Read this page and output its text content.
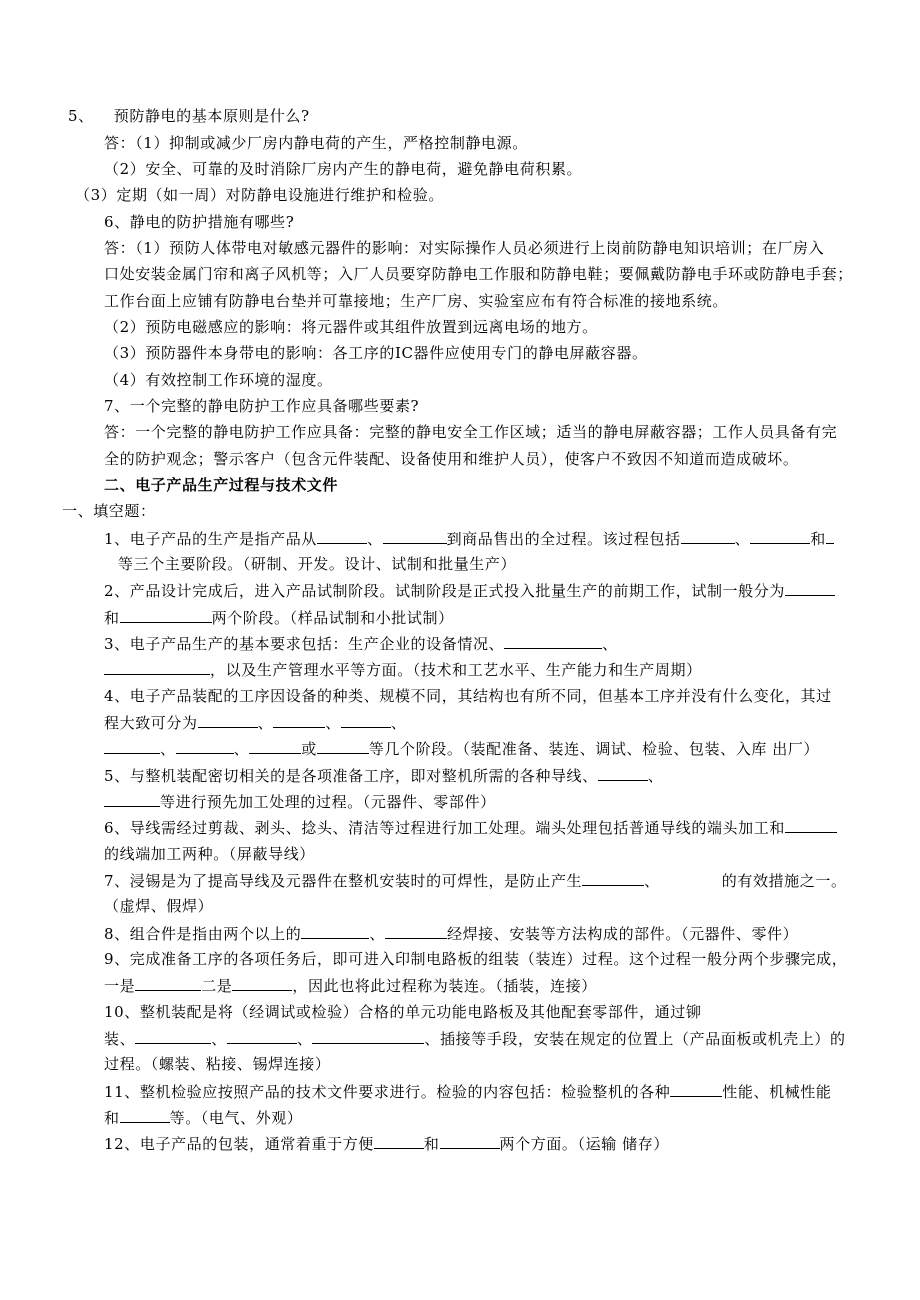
5、 预防静电的基本原则是什么?
答：（1）抑制或减少厂房内静电荷的产生，严格控制静电源。
（2）安全、可靠的及时消除厂房内产生的静电荷，避免静电荷积累。
（3）定期（如一周）对防静电设施进行维护和检验。
6、静电的防护措施有哪些?
答：（1）预防人体带电对敏感元器件的影响：对实际操作人员必须进行上岗前防静电知识培训；在厂房入
口处安装金属门帘和离子风机等；入厂人员要穿防静电工作服和防静电鞋；要佩戴防静电手环或防静电手套；
工作台面上应铺有防静电台垫并可靠接地；生产厂房、实验室应布有符合标准的接地系统。
（2）预防电磁感应的影响：将元器件或其组件放置到远离电场的地方。
（3）预防器件本身带电的影响：各工序的IC器件应使用专门的静电屏蔽容器。
（4）有效控制工作环境的湿度。
7、一个完整的静电防护工作应具备哪些要素?
答：一个完整的静电防护工作应具备：完整的静电安全工作区域；适当的静电屏蔽容器；工作人员具备有完
全的防护观念；警示客户（包含元件装配、设备使用和维护人员），使客户不致因不知道而造成破坏。
二、电子产品生产过程与技术文件
一、填空题：
1、电子产品的生产是指产品从	、	到商品售出的全过程。该过程包括	、	和
等三个主要阶段。（研制、开发。设计、试制和批量生产）
2、产品设计完成后，进入产品试制阶段。试制阶段是正式投入批量生产的前期工作，试制一般分为
和	两个阶段。（样品试制和小批试制）
3、电子产品生产的基本要求包括：生产企业的设备情况、	、
，以及生产管理水平等方面。（技术和工艺水平、生产能力和生产周期）
4、电子产品装配的工序因设备的种类、规模不同，其结构也有所不同，但基本工序并没有什么变化，其过
程大致可分为	、	、	、
、	、	或	等几个阶段。（装配准备、装连、调试、检验、包装、入库 出厂）
5、与整机装配密切相关的是各项准备工序，即对整机所需的各种导线、	、
等进行预先加工处理的过程。（元器件、零部件）
6、导线需经过剪裁、剥头、捻头、清洁等过程进行加工处理。端头处理包括普通导线的端头加工和
的线端加工两种。（屏蔽导线）
7、浸锡是为了提高导线及元器件在整机安装时的可焊性，是防止产生	、	的有效措施之一。
（虚焊、假焊）
8、组合件是指由两个以上的	、	经焊接、安装等方法构成的部件。（元器件、零件）
9、完成准备工序的各项任务后，即可进入印制电路板的组装（装连）过程。这个过程一般分两个步骤完成，
一是	二是	，因此也将此过程称为装连。（插装，连接）
10、整机装配是将（经调试或检验）合格的单元功能电路板及其他配套零部件，通过铆
装、	、	、	、插接等手段，安装在规定的位置上（产品面板或机壳上）的
过程。（螺装、粘接、锡焊连接）
11、整机检验应按照产品的技术文件要求进行。检验的内容包括：检验整机的各种	性能、机械性能
和	等。（电气、外观）
12、电子产品的包装，通常着重于方便	和	两个方面。（运输 储存）
